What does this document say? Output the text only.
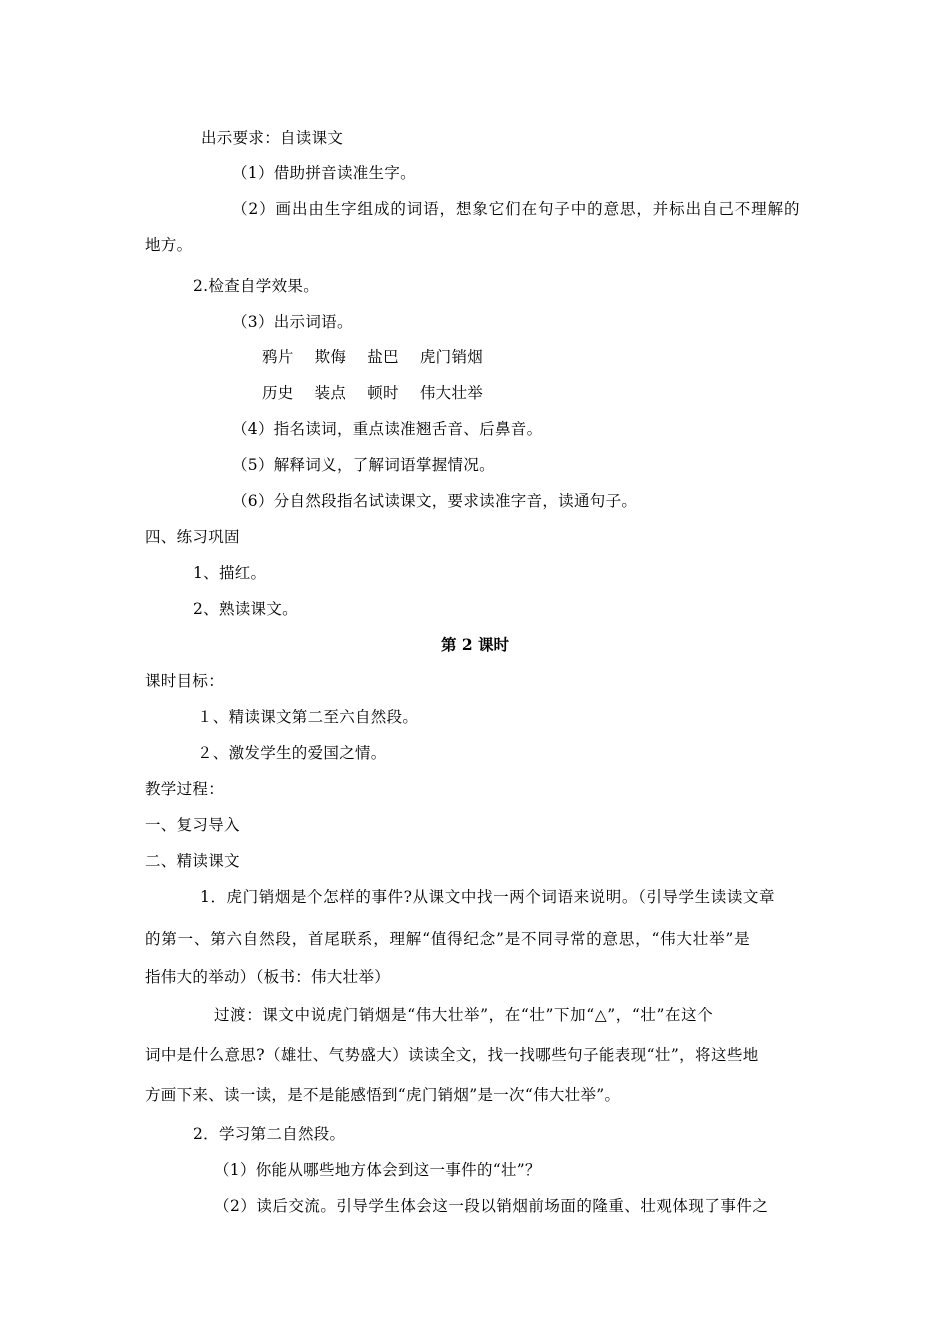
出示要求：自读课文
（1）借助拼音读准生字。
（2）画出由生字组成的词语，想象它们在句子中的意思，并标出自己不理解的
地方。
2.检查自学效果。
（3）出示词语。
鸦片　 欺侮　 盐巴　 虎门销烟
历史　 装点　 顿时　 伟大壮举
（4）指名读词，重点读准翘舌音、后鼻音。
（5）解释词义，了解词语掌握情况。
（6）分自然段指名试读课文，要求读准字音，读通句子。
四、练习巩固
1、描红。
2、熟读课文。
第 2 课时
课时目标：
１、精读课文第二至六自然段。
２、激发学生的爱国之情。
教学过程：
一、复习导入
二、精读课文
1．虎门销烟是个怎样的事件?从课文中找一两个词语来说明。（引导学生读读文章
的第一、第六自然段，首尾联系，理解“值得纪念”是不同寻常的意思，“伟大壮举”是
指伟大的举动）（板书：伟大壮举）
过渡：课文中说虎门销烟是“伟大壮举”，在“壮”下加“△”，“壮”在这个
词中是什么意思?（雄壮、气势盛大）读读全文，找一找哪些句子能表现“壮”，将这些地
方画下来、读一读，是不是能感悟到“虎门销烟”是一次“伟大壮举”。
2．学习第二自然段。
（1）你能从哪些地方体会到这一事件的“壮”？
（2）读后交流。引导学生体会这一段以销烟前场面的隆重、壮观体现了事件之
